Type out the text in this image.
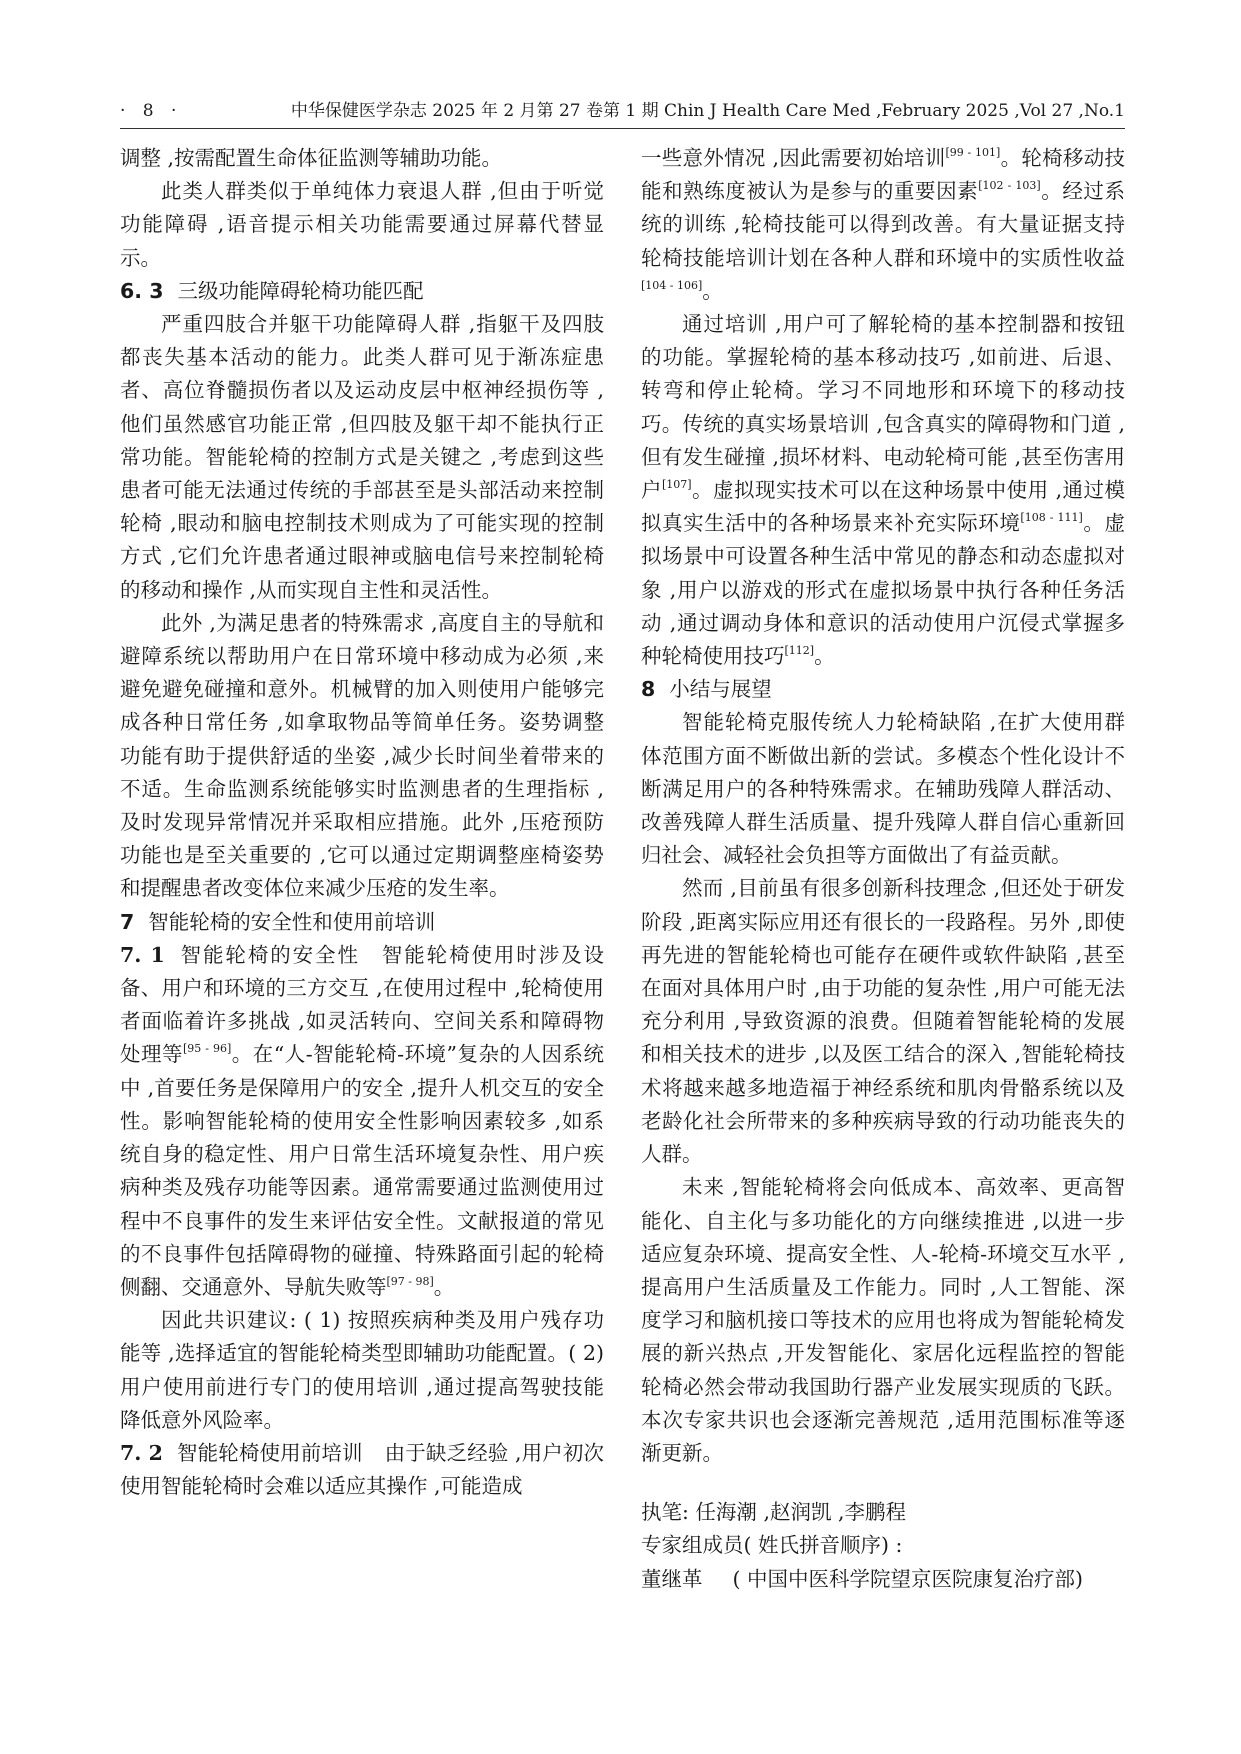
· 8 ·	中华保健医学杂志 2025 年 2 月第 27 卷第 1 期 Chin J Health Care Med ,February 2025 ,Vol 27 ,No.1

调整 ,按需配置生命体征监测等辅助功能。

此类人群类似于单纯体力衰退人群 ,但由于听觉功能障碍 ,语音提示相关功能需要通过屏幕代替显示。

6. 3 三级功能障碍轮椅功能匹配

严重四肢合并躯干功能障碍人群 ,指躯干及四肢都丧失基本活动的能力。此类人群可见于渐冻症患者、高位脊髓损伤者以及运动皮层中枢神经损伤等 ,他们虽然感官功能正常 ,但四肢及躯干却不能执行正常功能。智能轮椅的控制方式是关键之 ,考虑到这些患者可能无法通过传统的手部甚至是头部活动来控制轮椅 ,眼动和脑电控制技术则成为了可能实现的控制方式 ,它们允许患者通过眼神或脑电信号来控制轮椅的移动和操作 ,从而实现自主性和灵活性。

此外 ,为满足患者的特殊需求 ,高度自主的导航和避障系统以帮助用户在日常环境中移动成为必须 ,来避免避免碰撞和意外。机械臂的加入则使用户能够完成各种日常任务 ,如拿取物品等简单任务。姿势调整功能有助于提供舒适的坐姿 ,减少长时间坐着带来的不适。生命监测系统能够实时监测患者的生理指标 ,及时发现异常情况并采取相应措施。此外 ,压疮预防功能也是至关重要的 ,它可以通过定期调整座椅姿势和提醒患者改变体位来减少压疮的发生率。

7 智能轮椅的安全性和使用前培训

7. 1 智能轮椅的安全性 智能轮椅使用时涉及设备、用户和环境的三方交互 ,在使用过程中 ,轮椅使用者面临着许多挑战 ,如灵活转向、空间关系和障碍物处理等[95 - 96]。在“人-智能轮椅-环境”复杂的人因系统中 ,首要任务是保障用户的安全 ,提升人机交互的安全性。影响智能轮椅的使用安全性影响因素较多 ,如系统自身的稳定性、用户日常生活环境复杂性、用户疾病种类及残存功能等因素。通常需要通过监测使用过程中不良事件的发生来评估安全性。文献报道的常见的不良事件包括障碍物的碰撞、特殊路面引起的轮椅侧翻、交通意外、导航失败等[97 - 98]。

因此共识建议: ( 1) 按照疾病种类及用户残存功能等 ,选择适宜的智能轮椅类型即辅助功能配置。( 2) 用户使用前进行专门的使用培训 ,通过提高驾驶技能降低意外风险率。

7. 2 智能轮椅使用前培训 由于缺乏经验 ,用户初次使用智能轮椅时会难以适应其操作 ,可能造成

一些意外情况 ,因此需要初始培训[99 - 101]。轮椅移动技能和熟练度被认为是参与的重要因素[102 - 103]。经过系统的训练 ,轮椅技能可以得到改善。有大量证据支持轮椅技能培训计划在各种人群和环境中的实质性收益[104 - 106]。

通过培训 ,用户可了解轮椅的基本控制器和按钮的功能。掌握轮椅的基本移动技巧 ,如前进、后退、转弯和停止轮椅。学习不同地形和环境下的移动技巧。传统的真实场景培训 ,包含真实的障碍物和门道 ,但有发生碰撞 ,损坏材料、电动轮椅可能 ,甚至伤害用户[107]。虚拟现实技术可以在这种场景中使用 ,通过模拟真实生活中的各种场景来补充实际环境[108 - 111]。虚拟场景中可设置各种生活中常见的静态和动态虚拟对象 ,用户以游戏的形式在虚拟场景中执行各种任务活动 ,通过调动身体和意识的活动使用户沉侵式掌握多种轮椅使用技巧[112]。

8 小结与展望

智能轮椅克服传统人力轮椅缺陷 ,在扩大使用群体范围方面不断做出新的尝试。多模态个性化设计不断满足用户的各种特殊需求。在辅助残障人群活动、改善残障人群生活质量、提升残障人群自信心重新回归社会、减轻社会负担等方面做出了有益贡献。

然而 ,目前虽有很多创新科技理念 ,但还处于研发阶段 ,距离实际应用还有很长的一段路程。另外 ,即使再先进的智能轮椅也可能存在硬件或软件缺陷 ,甚至在面对具体用户时 ,由于功能的复杂性 ,用户可能无法充分利用 ,导致资源的浪费。但随着智能轮椅的发展和相关技术的进步 ,以及医工结合的深入 ,智能轮椅技术将越来越多地造福于神经系统和肌肉骨骼系统以及老龄化社会所带来的多种疾病导致的行动功能丧失的人群。

未来 ,智能轮椅将会向低成本、高效率、更高智能化、自主化与多功能化的方向继续推进 ,以进一步适应复杂环境、提高安全性、人-轮椅-环境交互水平 ,提高用户生活质量及工作能力。同时 ,人工智能、深度学习和脑机接口等技术的应用也将成为智能轮椅发展的新兴热点 ,开发智能化、家居化远程监控的智能轮椅必然会带动我国助行器产业发展实现质的飞跃。本次专家共识也会逐渐完善规范 ,适用范围标准等逐渐更新。

执笔: 任海潮 ,赵润凯 ,李鹏程

专家组成员( 姓氏拼音顺序) :

董继革 ( 中国中医科学院望京医院康复治疗部)
